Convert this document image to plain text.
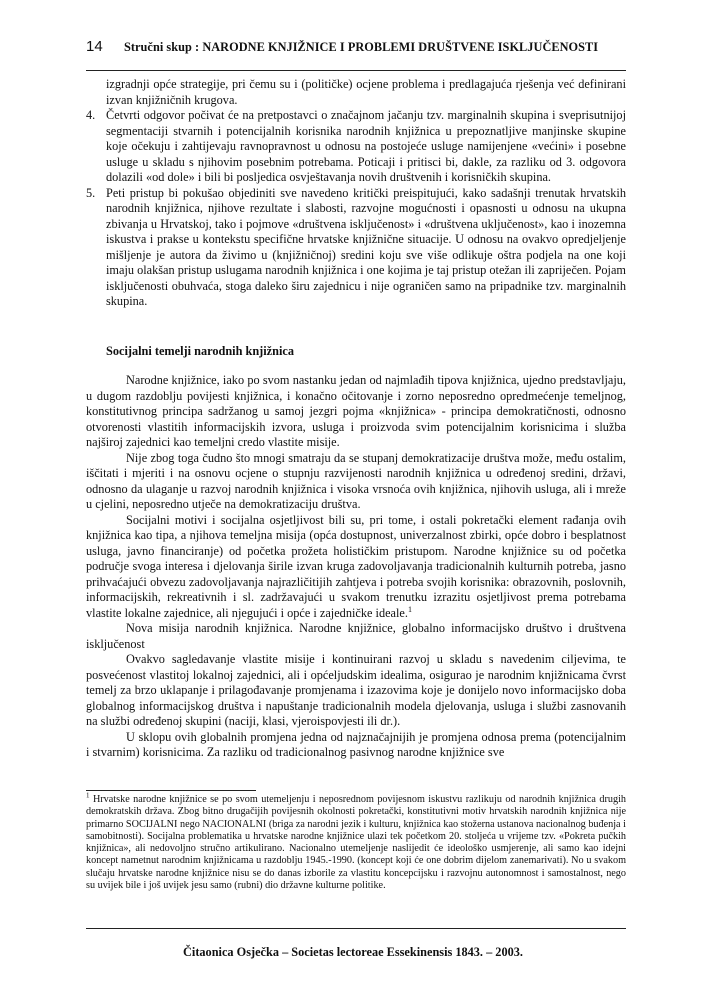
14 Stručni skup : NARODNE KNJIŽNICE I PROBLEMI DRUŠTVENE ISKLJUČENOSTI

izgradnji opće strategije, pri čemu su i (političke) ocjene problema i predlagajuća rješenja već definirani izvan knjižničnih krugova.

4. Četvrti odgovor počivat će na pretpostavci o značajnom jačanju tzv. marginalnih skupina i sveprisutnijoj segmentaciji stvarnih i potencijalnih korisnika narodnih knjižnica u prepoznatljive manjinske skupine koje očekuju i zahtijevaju ravnopravnost u odnosu na postojeće usluge namijenjene «većini» i posebne usluge u skladu s njihovim posebnim potrebama. Poticaji i pritisci bi, dakle, za razliku od 3. odgovora dolazili «od dole» i bili bi posljedica osvještavanja novih društvenih i korisničkih skupina.
5. Peti pristup bi pokušao objediniti sve navedeno kritički preispitujući, kako sadašnji trenutak hrvatskih narodnih knjižnica, njihove rezultate i slabosti, razvojne mogućnosti i opasnosti u odnosu na ukupna zbivanja u Hrvatskoj, tako i pojmove «društvena isključenost» i «društvena uključenost», kao i inozemna iskustva i prakse u kontekstu specifične hrvatske knjižnične situacije. U odnosu na ovakvo opredjeljenje mišljenje je autora da živimo u (knjižničnoj) sredini koju sve više odlikuje oštra podjela na one koji imaju olakšan pristup uslugama narodnih knjižnica i one kojima je taj pristup otežan ili zapriječen. Pojam isključenosti obuhvaća, stoga daleko širu zajednicu i nije ograničen samo na pripadnike tzv. marginalnih skupina.
Socijalni temelji narodnih knjižnica

Narodne knjižnice, iako po svom nastanku jedan od najmlađih tipova knjižnica, ujedno predstavljaju, u dugom razdoblju povijesti knjižnica, i konačno očitovanje i zorno neposredno opredmećenje temeljnog, konstitutivnog principa sadržanog u samoj jezgri pojma «knjižnica» - principa demokratičnosti, odnosno otvorenosti vlastitih informacijskih izvora, usluga i proizvoda svim potencijalnim korisnicima i služba najširoj zajednici kao temeljni credo vlastite misije.

Nije zbog toga čudno što mnogi smatraju da se stupanj demokratizacije društva može, među ostalim, iščitati i mjeriti i na osnovu ocjene o stupnju razvijenosti narodnih knjižnica u određenoj sredini, državi, odnosno da ulaganje u razvoj narodnih knjižnica i visoka vrsnoća ovih knjižnica, njihovih usluga, ali i mreže u cjelini, neposredno utječe na demokratizaciju društva.

Socijalni motivi i socijalna osjetljivost bili su, pri tome, i ostali pokretački element rađanja ovih knjižnica kao tipa, a njihova temeljna misija (opća dostupnost, univerzalnost zbirki, opće dobro i besplatnost usluga, javno financiranje) od početka prožeta holističkim pristupom. Narodne knjižnice su od početka područje svoga interesa i djelovanja širile izvan kruga zadovoljavanja tradicionalnih kulturnih potreba, jasno prihvaćajući obvezu zadovoljavanja najrazličitijih zahtjeva i potreba svojih korisnika: obrazovnih, poslovnih, informacijskih, rekreativnih i sl. zadržavajući u svakom trenutku izrazitu osjetljivost prema potrebama vlastite lokalne zajednice, ali njegujući i opće i zajedničke ideale.$^1$

Nova misija narodnih knjižnica. Narodne knjižnice, globalno informacijsko društvo i društvena isključenost

Ovakvo sagledavanje vlastite misije i kontinuirani razvoj u skladu s navedenim ciljevima, te posvećenost vlastitoj lokalnoj zajednici, ali i općeljudskim idealima, osigurao je narodnim knjižnicama čvrst temelj za brzo uklapanje i prilagođavanje promjenama i izazovima koje je donijelo novo informacijsko doba globalnog informacijskog društva i napuštanje tradicionalnih modela djelovanja, usluga i službi zasnovanih na službi određenoj skupini (naciji, klasi, vjeroispovjesti ili dr.).

U sklopu ovih globalnih promjena jedna od najznačajnijih je promjena odnosa prema (potencijalnim i stvarnim) korisnicima. Za razliku od tradicionalnog pasivnog narodne knjižnice sve

$^1$ Hrvatske narodne knjižnice se po svom utemeljenju i neposrednom povijesnom iskustvu razlikuju od narodnih knjižnica drugih demokratskih država. Zbog bitno drugačijih povijesnih okolnosti pokretački, konstitutivni motiv hrvatskih narodnih knjižnica nije primarno SOCIJALNI nego NACIONALNI (briga za narodni jezik i kulturu, knjižnica kao stožerna ustanova nacionalnog buđenja i samobitnosti). Socijalna problematika u hrvatske narodne knjižnice ulazi tek početkom 20. stoljeća u vrijeme tzv. «Pokreta pučkih knjižnica», ali nedovoljno stručno artikulirano. Nacionalno utemeljenje naslijedit će ideološko usmjerenje, ali samo kao idejni koncept nametnut narodnim knjižnicama u razdoblju 1945.-1990. (koncept koji će one dobrim dijelom zanemarivati). No u svakom slučaju hrvatske narodne knjižnice nisu se do danas izborile za vlastitu koncepcijsku i razvojnu autonomnost i samostalnost, nego su uvijek bile i još uvijek jesu samo (rubni) dio državne kulturne politike.
Čitaonica Osječka – Societas lectoreae Essekinensis 1843. – 2003.
